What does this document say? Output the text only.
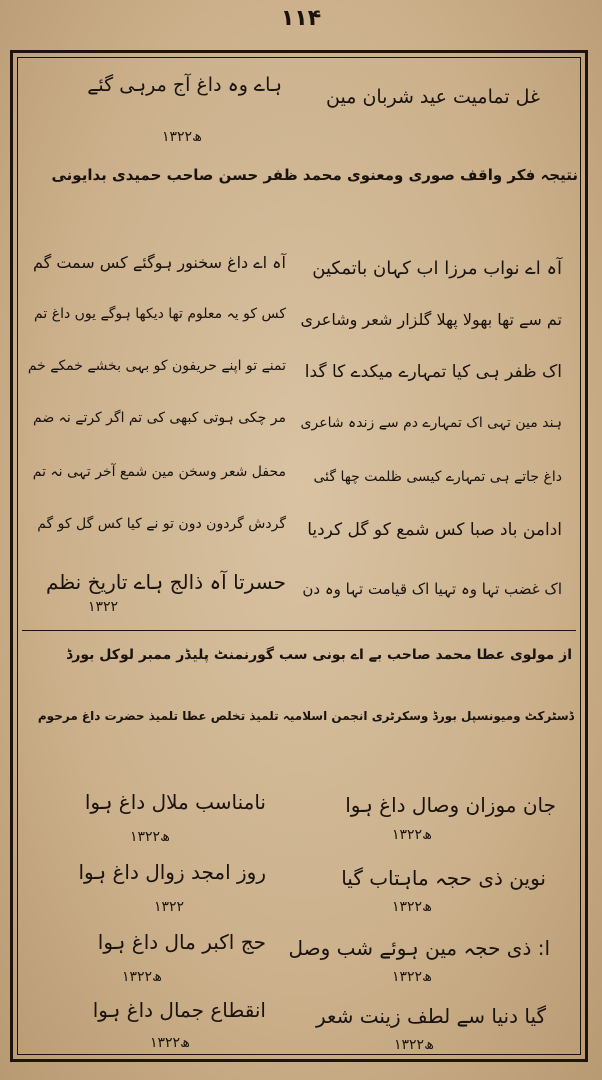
۱۱۴
غل تماميت عيد شربان مين
ہاے وہ داغ آج مرہی گئے
۱۳۲۲ھ
نتيجہ فکر واقف صوری ومعنوی محمد ظفر حسن صاحب حميدی بدايونی
آہ اے نواب مرزا اب کہان باتمکين
آہ اے داغ سخنور ہوگئے کس سمت گم
تم سے تھا بھولا پھلا گلزار شعر وشاعری
کس کو يہ معلوم تھا ديکھا ہوگے يوں داغ تم
اک ظفر ہی کيا تمہارے ميکدے کا گدا
تمنے تو اپنے حريفون کو بہی بخشے خمکے خم
ہند مين تہی اک تمہارے دم سے زندہ شاعری
مر چکی ہوتی کبھی کی تم اگر کرتے نہ ضم
داغ جاتے ہی تمہارے کيسی ظلمت چھا گئی
محفل شعر وسخن مين شمع آخر تہی نہ تم
ادامن باد صبا کس شمع کو گل کرديا
گردش گردون دون تو نے کيا کس گل کو گم
اک غضب تہا وہ تہيا اک قيامت تہا وہ دن
حسرتا آہ ذالج ہاے تاريخ نظم
۱۳۲۲
از مولوی عطا محمد صاحب بے اے بونی سب گورنمنٹ پليڈر ممبر لوکل بورڈ
ڈسٹرکٹ وميونسپل بورڈ وسکرٹری انجمن اسلاميہ تلميذ تخلص عطا تلميذ حضرت داغ مرحوم
جان موزان وصال داغ ہوا
۱۳۲۲ھ
نامناسب ملال داغ ہوا
۱۳۲۲ھ
نوين ذی حجہ ماہتاب گيا
۱۳۲۲ھ
روز امجد زوال داغ ہوا
۱۳۲۲
ا: ذی حجہ مين ہوئے شب وصل
۱۳۲۲ھ
حج اکبر مال داغ ہوا
۱۳۲۲ھ
گيا دنيا سے لطف زينت شعر
۱۳۲۲ھ
انقطاع جمال داغ ہوا
۱۳۲۲ھ
